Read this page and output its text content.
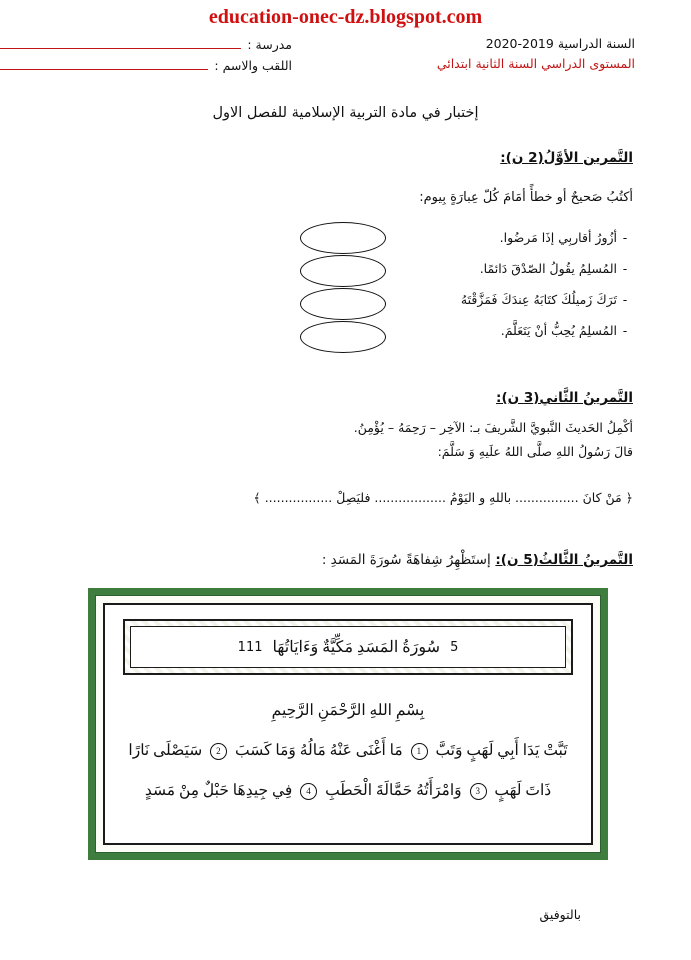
education-onec-dz.blogspot.com
السنة الدراسية 2019-2020
المستوى الدراسي السنة الثانية ابتدائي
مدرسة :
اللقب والاسم :
إختبار في مادة التربية الإسلامية للفصل الاول
التَّمرين الأوَّلُ(2 ن):
أكتُبُ صَحيحٌ أو خطأً أمَامَ كُلّ عِبارَةٍ بِيوم:
-
أزُورُ أقاربِي إذَا مَرضُوا.
-
المُسلِمُ يقُولُ الصّدْقَ دَائمًا.
-
تَرَكَ زَميلُكَ كتَابَهُ عِندَكَ فَمَزَّقْتَهُ
-
المُسلِمُ يُحِبُّ أنْ يَتَعَلَّمَ.
التَّمرينُ الثَّاني(3 ن):
أكْمِلُ الحَديثَ النَّبويَّ الشَّريفَ بـ: الآخِر – رَحِمَهُ – يُؤْمِنُ.
قالَ رَسُولُ اللهِ صلَّى اللهُ علَيهِ وَ سَلَّمَ:
﴿ مَنْ كانَ ................ باللهِ و اليَوْمُ .................. فليَصِلْ ................. ﴾
التَّمرينُ الثَّالثُ(5 ن): إستَظْهِرُ شِفاهَةً سُورَةَ المَسَدِ :
5
سُورَةُ المَسَدِ مَكِّيَّةٌ وَءَايَاتُهَا
111
بِسْمِ اللهِ الرَّحْمَنِ الرَّحِيمِ
تَبَّتْ يَدَا أَبِي لَهَبٍ وَتَبَّ 1 مَا أَغْنَى عَنْهُ مَالُهُ وَمَا كَسَبَ 2 سَيَصْلَى نَارًا
ذَاتَ لَهَبٍ 3 وَامْرَأَتُهُ حَمَّالَةَ الْحَطَبِ 4 فِي جِيدِهَا حَبْلٌ مِنْ مَسَدٍ
بالتوفيق
